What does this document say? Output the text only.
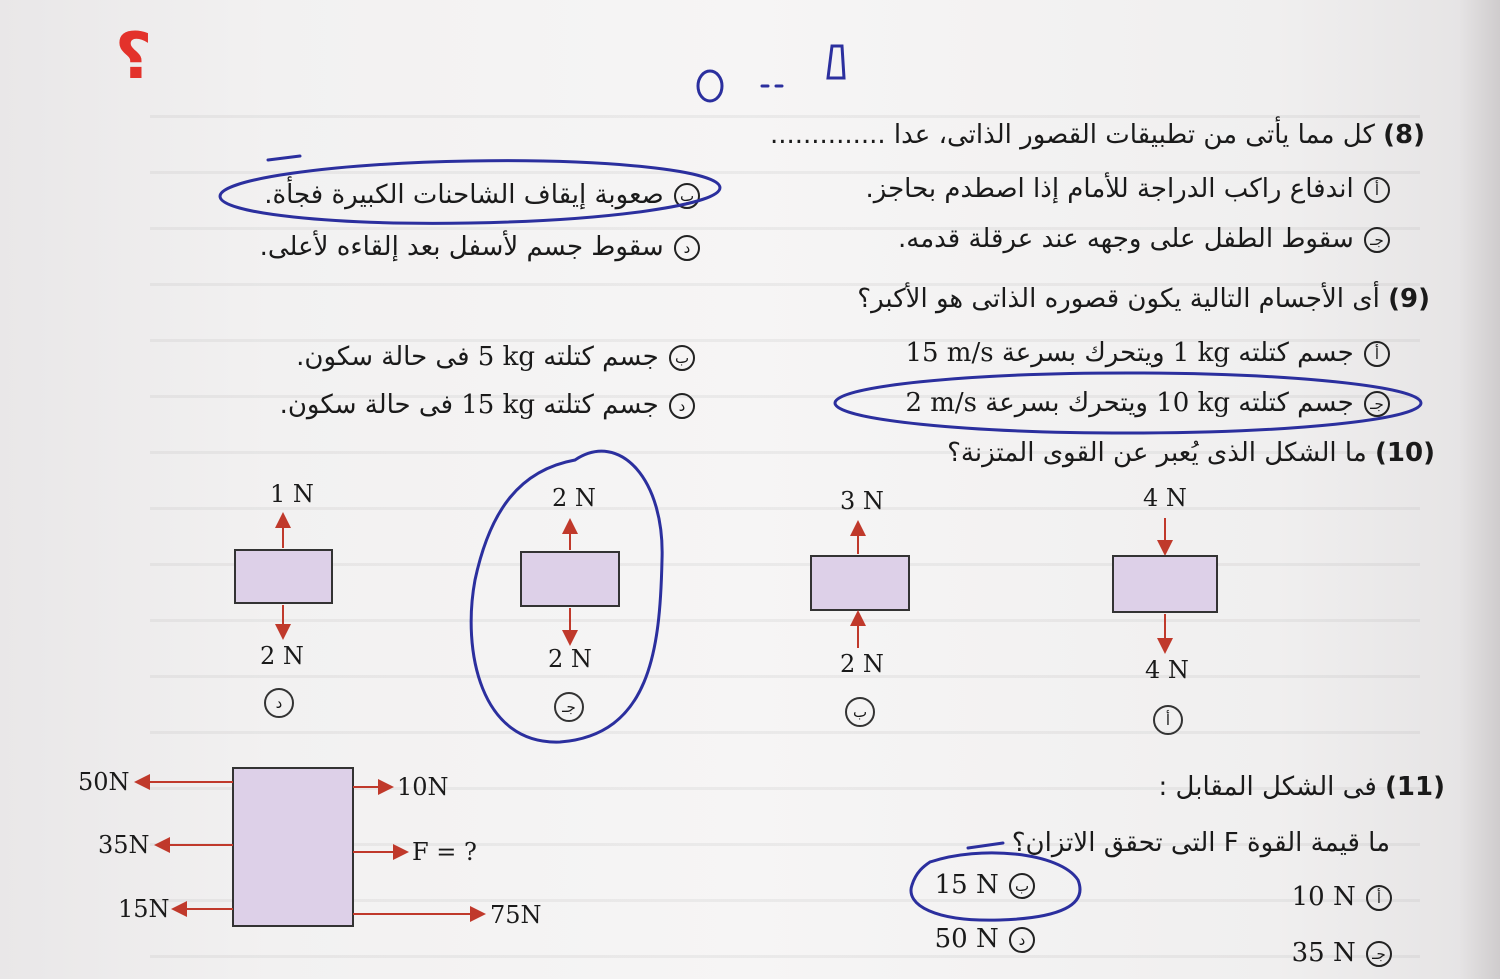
؟
(8) كل مما يأتى من تطبيقات القصور الذاتى، عدا ..............
أ اندفاع راكب الدراجة للأمام إذا اصطدم بحاجز.
ب صعوبة إيقاف الشاحنات الكبيرة فجأة.
جـ سقوط الطفل على وجهه عند عرقلة قدمه.
د سقوط جسم لأسفل بعد إلقاءه لأعلى.
(9) أى الأجسام التالية يكون قصوره الذاتى هو الأكبر؟
أ جسم كتلته 1 kg ويتحرك بسرعة 15 m/s
ب جسم كتلته 5 kg فى حالة سكون.
جـ جسم كتلته 10 kg ويتحرك بسرعة 2 m/s
د جسم كتلته 15 kg فى حالة سكون.
(10) ما الشكل الذى يُعبر عن القوى المتزنة؟
(11) فى الشكل المقابل :
ما قيمة القوة F التى تحقق الاتزان؟
أ 10 N
ب 15 N
جـ 35 N
د 50 N
4 N
4 N
أ
3 N
2 N
ب
2 N
2 N
جـ
1 N
2 N
د
50N
35N
15N
10N
F = ?
75N
